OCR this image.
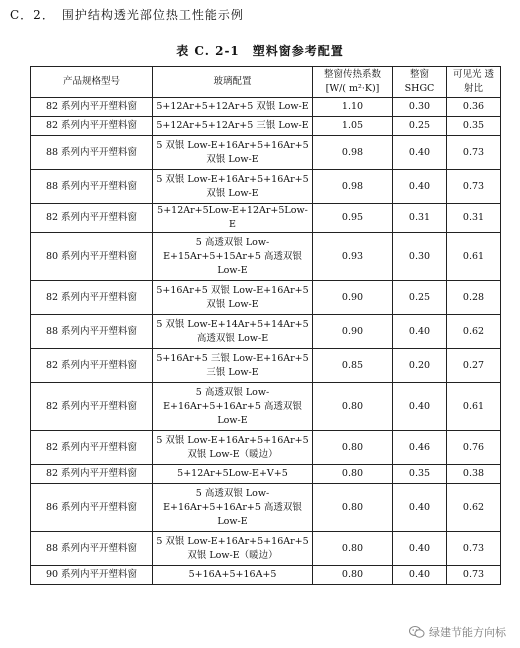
C．2．　围护结构透光部位热工性能示例
表 C. 2-1　塑料窗参考配置
产品规格型号	玻璃配置	整窗传热系数 [W/( m²·K)]	整窗 SHGC	可见光 透射比
82 系列内平开塑料窗	5+12Ar+5+12Ar+5 双银 Low-E	1.10	0.30	0.36
82 系列内平开塑料窗	5+12Ar+5+12Ar+5 三银 Low-E	1.05	0.25	0.35
88 系列内平开塑料窗	5 双银 Low-E+16Ar+5+16Ar+5 双银 Low-E	0.98	0.40	0.73
88 系列内平开塑料窗	5 双银 Low-E+16Ar+5+16Ar+5 双银 Low-E	0.98	0.40	0.73
82 系列内平开塑料窗	5+12Ar+5Low-E+12Ar+5Low-E	0.95	0.31	0.31
80 系列内平开塑料窗	5 高透双银 Low-E+15Ar+5+15Ar+5 高透双银 Low-E	0.93	0.30	0.61
82 系列内平开塑料窗	5+16Ar+5 双银 Low-E+16Ar+5 双银 Low-E	0.90	0.25	0.28
88 系列内平开塑料窗	5 双银 Low-E+14Ar+5+14Ar+5 高透双银 Low-E	0.90	0.40	0.62
82 系列内平开塑料窗	5+16Ar+5 三银 Low-E+16Ar+5 三银 Low-E	0.85	0.20	0.27
82 系列内平开塑料窗	5 高透双银 Low-E+16Ar+5+16Ar+5 高透双银 Low-E	0.80	0.40	0.61
82 系列内平开塑料窗	5 双银 Low-E+16Ar+5+16Ar+5 双银 Low-E（暖边）	0.80	0.46	0.76
82 系列内平开塑料窗	5+12Ar+5Low-E+V+5	0.80	0.35	0.38
86 系列内平开塑料窗	5 高透双银 Low-E+16Ar+5+16Ar+5 高透双银 Low-E	0.80	0.40	0.62
88 系列内平开塑料窗	5 双银 Low-E+16Ar+5+16Ar+5 双银 Low-E（暖边）	0.80	0.40	0.73
90 系列内平开塑料窗	5+16A+5+16A+5	0.80	0.40	0.73
绿建节能方向标
